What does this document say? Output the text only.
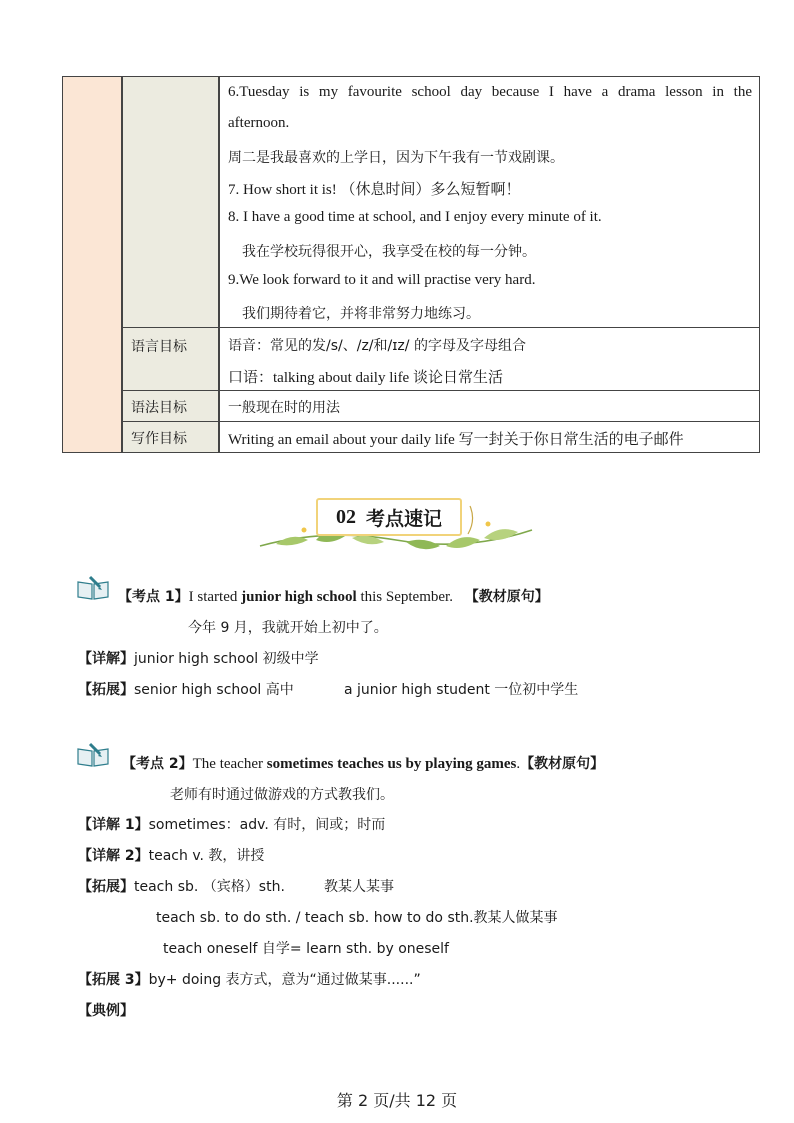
6.Tuesday is my favourite school day because I have a drama lesson in the
afternoon.
周二是我最喜欢的上学日，因为下午我有一节戏剧课。
7. How short it is! （休息时间）多么短暂啊！
8. I have a good time at school, and I enjoy every minute of it.
我在学校玩得很开心，我享受在校的每一分钟。
9.We look forward to it and will practise very hard.
我们期待着它，并将非常努力地练习。
语言目标	语音：常见的发/s/、/z/和/ɪz/ 的字母及字母组合
口语：talking about daily life 谈论日常生活
语法目标	一般现在时的用法
写作目标	Writing an email about your daily life 写一封关于你日常生活的电子邮件
02 考点速记
【考点 1】I started junior high school this September. 【教材原句】
今年 9 月，我就开始上初中了。
【详解】junior high school 初级中学
【拓展】senior high school 高中	a junior high student 一位初中学生
【考点 2】The teacher sometimes teaches us by playing games.【教材原句】
老师有时通过做游戏的方式教我们。
【详解 1】sometimes：adv. 有时，间或；时而
【详解 2】teach v. 教，讲授
【拓展】teach sb. （宾格）sth.	教某人某事
teach sb. to do sth. / teach sb. how to do sth.教某人做某事
teach oneself 自学= learn sth. by oneself
【拓展 3】by+ doing 表方式，意为“通过做某事......”
【典例】
第 2 页/共 12 页
